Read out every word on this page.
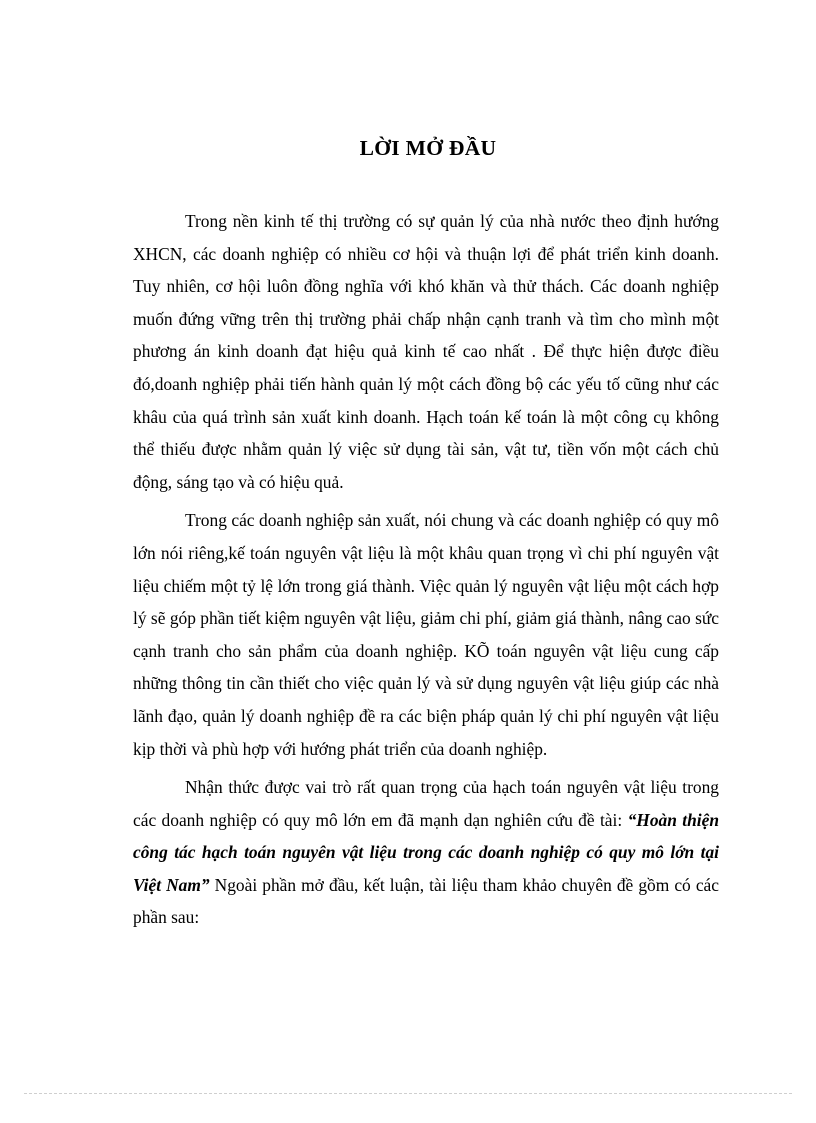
LỜI MỞ ĐẦU

Trong nền kinh tế thị trường có sự quản lý của nhà nước theo định hướng XHCN, các doanh nghiệp có nhiều cơ hội và thuận lợi để phát triển kinh doanh. Tuy nhiên, cơ hội luôn đồng nghĩa với khó khăn và thử thách. Các doanh nghiệp muốn đứng vững trên thị trường phải chấp nhận cạnh tranh và tìm cho mình một phương án kinh doanh đạt hiệu quả kinh tế cao nhất . Để thực hiện được điều đó,doanh nghiệp phải tiến hành quản lý một cách đồng bộ các yếu tố cũng như các khâu của quá trình sản xuất kinh doanh. Hạch toán kế toán là một công cụ không thể thiếu được nhằm quản lý việc sử dụng tài sản, vật tư, tiền vốn một cách chủ động, sáng tạo và có hiệu quả.

Trong các doanh nghiệp sản xuất, nói chung và các doanh nghiệp có quy mô lớn nói riêng,kế toán nguyên vật liệu là một khâu quan trọng vì chi phí nguyên vật liệu chiếm một tỷ lệ lớn trong giá thành. Việc quản lý nguyên vật liệu một cách hợp lý sẽ góp phần tiết kiệm nguyên vật liệu, giảm chi phí, giảm giá thành, nâng cao sức cạnh tranh cho sản phẩm của doanh nghiệp. KÕ toán nguyên vật liệu cung cấp những thông tin cần thiết cho việc quản lý và sử dụng nguyên vật liệu giúp các nhà lãnh đạo, quản lý doanh nghiệp đề ra các biện pháp quản lý chi phí nguyên vật liệu kịp thời và phù hợp với hướng phát triển của doanh nghiệp.

Nhận thức được vai trò rất quan trọng của hạch toán nguyên vật liệu trong các doanh nghiệp có quy mô lớn em đã mạnh dạn nghiên cứu đề tài: “Hoàn thiện công tác hạch toán nguyên vật liệu trong các doanh nghiệp có quy mô lớn tại Việt Nam” Ngoài phần mở đầu, kết luận, tài liệu tham khảo chuyên đề gồm có các phần sau:
